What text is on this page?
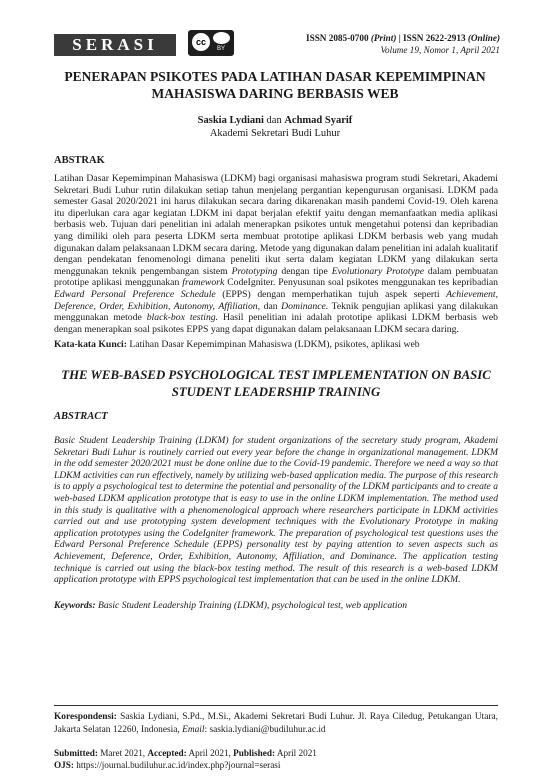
SERASI	cc
BY
ISSN 2085-0700 (Print) | ISSN 2622-2913 (Online)
Volume 19, Nomor 1, April 2021
PENERAPAN PSIKOTES PADA LATIHAN DASAR KEPEMIMPINAN
MAHASISWA DARING BERBASIS WEB
Saskia Lydiani dan Achmad Syarif
Akademi Sekretari Budi Luhur
ABSTRAK
Latihan Dasar Kepemimpinan Mahasiswa (LDKM) bagi organisasi mahasiswa program studi Sekretari, Akademi Sekretari Budi Luhur rutin dilakukan setiap tahun menjelang pergantian kepengurusan organisasi. LDKM pada semester Gasal 2020/2021 ini harus dilakukan secara daring dikarenakan masih pandemi Covid-19. Oleh karena itu diperlukan cara agar kegiatan LDKM ini dapat berjalan efektif yaitu dengan memanfaatkan media aplikasi berbasis web. Tujuan dari penelitian ini adalah menerapkan psikotes untuk mengetahui potensi dan kepribadian yang dimiliki oleh para peserta LDKM serta membuat prototipe aplikasi LDKM berbasis web yang mudah digunakan dalam pelaksanaan LDKM secara daring. Metode yang digunakan dalam penelitian ini adalah kualitatif dengan pendekatan fenomenologi dimana peneliti ikut serta dalam kegiatan LDKM yang dilakukan serta menggunakan teknik pengembangan sistem Prototyping dengan tipe Evolutionary Prototype dalam pembuatan prototipe aplikasi menggunakan framework CodeIgniter. Penyusunan soal psikotes menggunakan tes kepribadian Edward Personal Preference Schedule (EPPS) dengan memperhatikan tujuh aspek seperti Achievement, Deference, Order, Exhibition, Autonomy, Affiliation, dan Dominance. Teknik pengujian aplikasi yang dilakukan menggunakan metode black-box testing. Hasil penelitian ini adalah prototipe aplikasi LDKM berbasis web dengan menerapkan soal psikotes EPPS yang dapat digunakan dalam pelaksanaan LDKM secara daring.
Kata-kata Kunci: Latihan Dasar Kepemimpinan Mahasiswa (LDKM), psikotes, aplikasi web
THE WEB-BASED PSYCHOLOGICAL TEST IMPLEMENTATION ON BASIC
STUDENT LEADERSHIP TRAINING
ABSTRACT
Basic Student Leadership Training (LDKM) for student organizations of the secretary study program, Akademi Sekretari Budi Luhur is routinely carried out every year before the change in organizational management. LDKM in the odd semester 2020/2021 must be done online due to the Covid-19 pandemic. Therefore we need a way so that LDKM activities can run effectively, namely by utilizing web-based application media. The purpose of this research is to apply a psychological test to determine the potential and personality of the LDKM participants and to create a web-based LDKM application prototype that is easy to use in the online LDKM implementation. The method used in this study is qualitative with a phenomenological approach where researchers participate in LDKM activities carried out and use prototyping system development techniques with the Evolutionary Prototype in making application prototypes using the CodeIgniter framework. The preparation of psychological test questions uses the Edward Personal Preference Schedule (EPPS) personality test by paying attention to seven aspects such as Achievement, Deference, Order, Exhibition, Autonomy, Affiliation, and Dominance. The application testing technique is carried out using the black-box testing method. The result of this research is a web-based LDKM application prototype with EPPS psychological test implementation that can be used in the online LDKM.
Keywords: Basic Student Leadership Training (LDKM), psychological test, web application
Korespondensi: Saskia Lydiani, S.Pd., M.Si., Akademi Sekretari Budi Luhur. Jl. Raya Ciledug, Petukangan Utara, Jakarta Selatan 12260, Indonesia, Email: saskia.lydiani@budiluhur.ac.id
Submitted: Maret 2021, Accepted: April 2021, Published: April 2021
OJS: https://journal.budiluhur.ac.id/index.php?journal=serasi
